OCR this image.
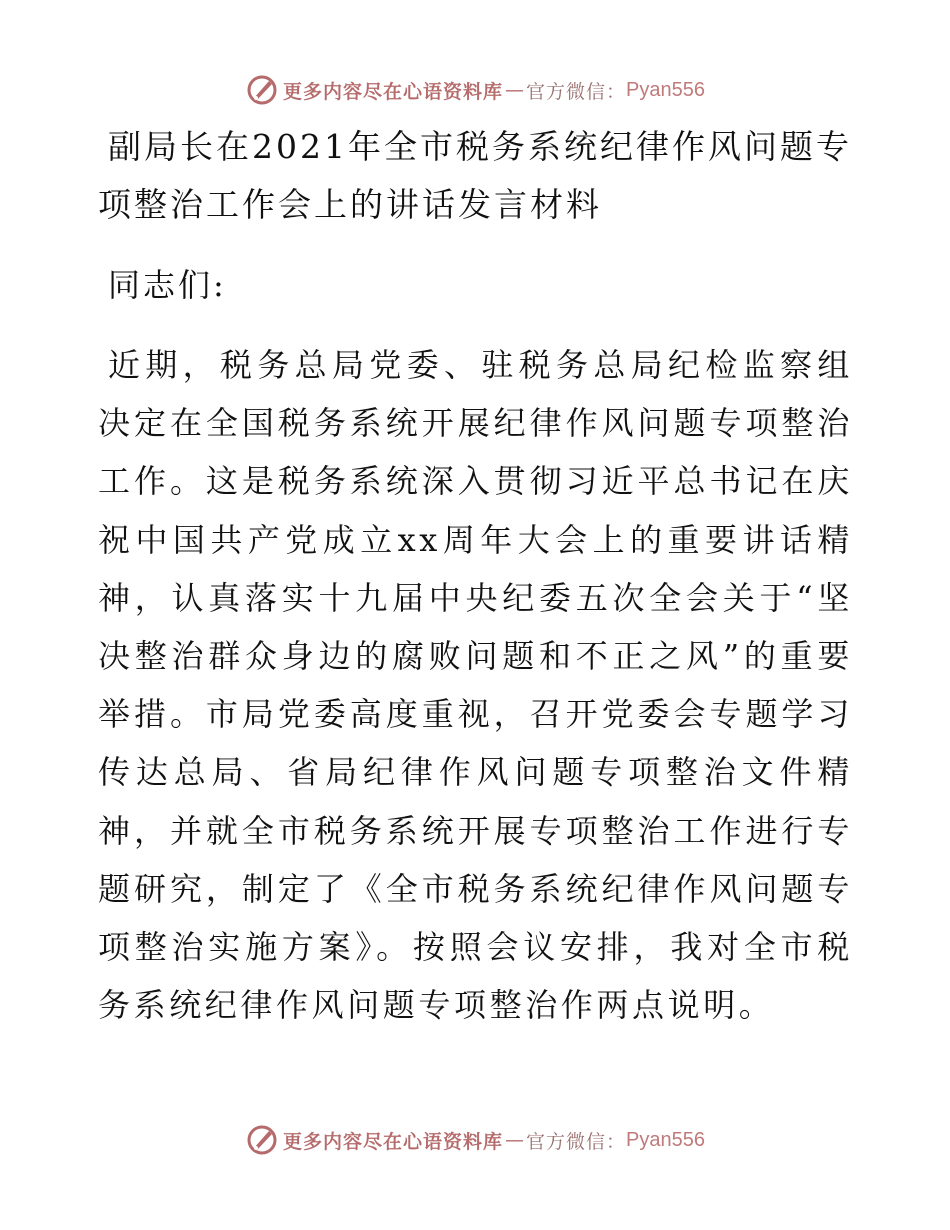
更多内容尽在心语资料库 — 官方微信： Pyan556
副局长在2021年全市税务系统纪律作风问题专项整治工作会上的讲话发言材料

同志们:

近期，税务总局党委、驻税务总局纪检监察组决定在全国税务系统开展纪律作风问题专项整治工作。这是税务系统深入贯彻习近平总书记在庆祝中国共产党成立xx周年大会上的重要讲话精神，认真落实十九届中央纪委五次全会关于“坚决整治群众身边的腐败问题和不正之风”的重要举措。市局党委高度重视，召开党委会专题学习传达总局、省局纪律作风问题专项整治文件精神，并就全市税务系统开展专项整治工作进行专题研究，制定了《全市税务系统纪律作风问题专项整治实施方案》。按照会议安排，我对全市税务系统纪律作风问题专项整治作两点说明。

更多内容尽在心语资料库 — 官方微信： Pyan556
